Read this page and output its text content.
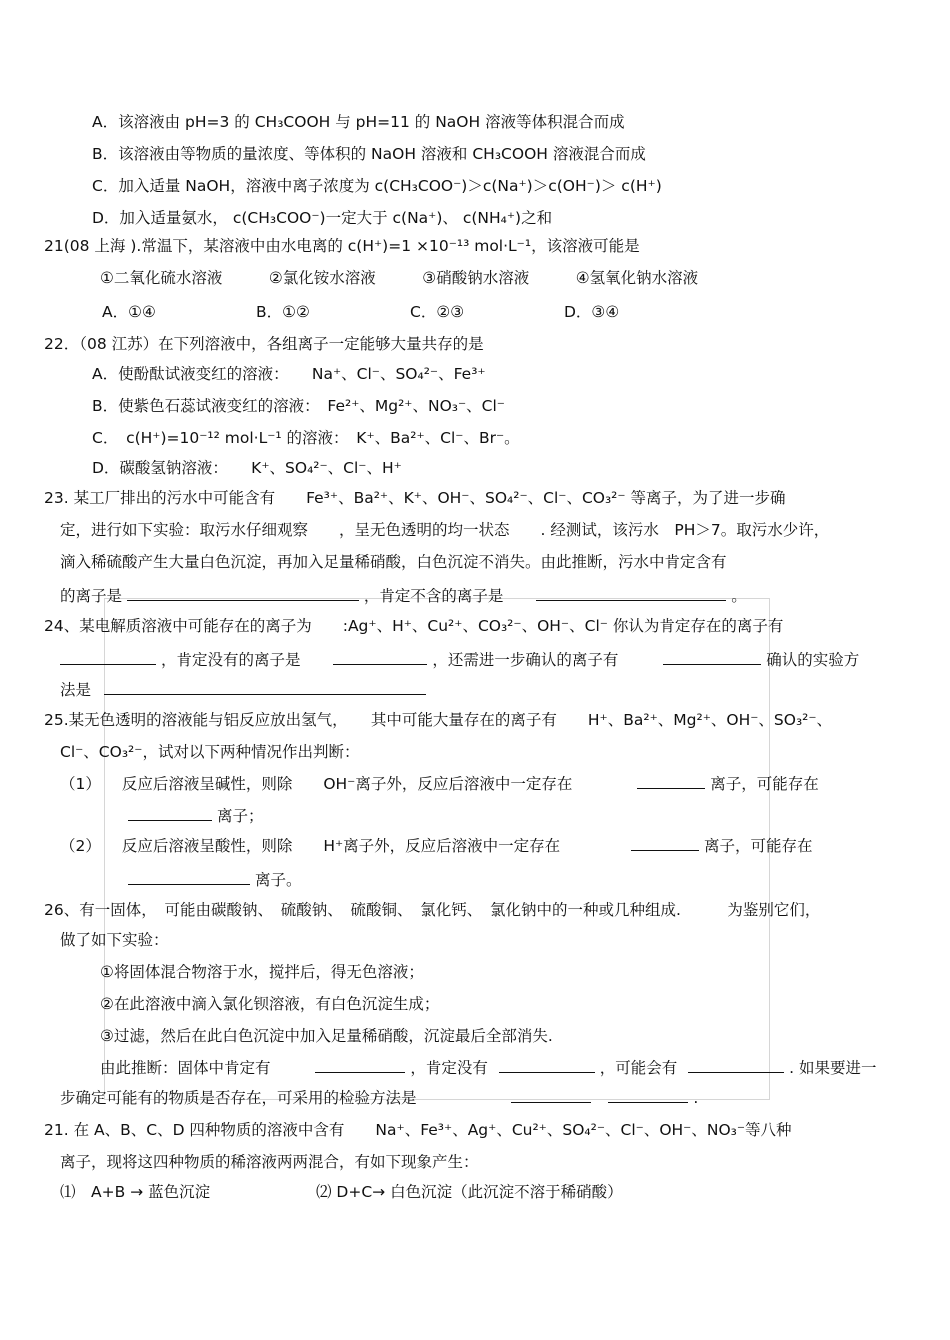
A．该溶液由 pH=3 的 CH₃COOH 与 pH=11 的 NaOH 溶液等体积混合而成
B．该溶液由等物质的量浓度、等体积的 NaOH 溶液和 CH₃COOH 溶液混合而成
C．加入适量 NaOH，溶液中离子浓度为 c(CH₃COO⁻)＞c(Na⁺)＞c(OH⁻)＞ c(H⁺)
D．加入适量氨水， c(CH₃COO⁻)一定大于 c(Na⁺)、 c(NH₄⁺)之和
21(08 上海 ).常温下，某溶液中由水电离的 c(H⁺)=1 ×10⁻¹³ mol·L⁻¹，该溶液可能是
①二氧化硫水溶液　　　②氯化铵水溶液　　　③硝酸钠水溶液　　　④氢氧化钠水溶液
A．①④	B．①②	C．②③	D．③④
22．（08 江苏）在下列溶液中，各组离子一定能够大量共存的是
A．使酚酞试液变红的溶液：　　Na⁺、Cl⁻、SO₄²⁻、Fe³⁺
B．使紫色石蕊试液变红的溶液：　Fe²⁺、Mg²⁺、NO₃⁻、Cl⁻
C．　c(H⁺)=10⁻¹² mol·L⁻¹ 的溶液：　K⁺、Ba²⁺、Cl⁻、Br⁻。
D．碳酸氢钠溶液：　　K⁺、SO₄²⁻、Cl⁻、H⁺
23. 某工厂排出的污水中可能含有　　Fe³⁺、Ba²⁺、K⁺、OH⁻、SO₄²⁻、Cl⁻、CO₃²⁻ 等离子，为了进一步确
定，进行如下实验：取污水仔细观察　　，呈无色透明的均一状态　　. 经测试，该污水　PH＞7。取污水少许，
滴入稀硫酸产生大量白色沉淀，再加入足量稀硝酸，白色沉淀不消失。由此推断，污水中肯定含有
的离子是	，肯定不含的离子是	。
24、某电解质溶液中可能存在的离子为　　:Ag⁺、H⁺、Cu²⁺、CO₃²⁻、OH⁻、Cl⁻ 你认为肯定存在的离子有
，肯定没有的离子是	，还需进一步确认的离子有	确认的实验方
法是
25.某无色透明的溶液能与铝反应放出氢气，　　其中可能大量存在的离子有　　H⁺、Ba²⁺、Mg²⁺、OH⁻、SO₃²⁻、
Cl⁻、CO₃²⁻，试对以下两种情况作出判断：
（1） 反应后溶液呈碱性，则除　　OH⁻离子外，反应后溶液中一定存在	离子，可能存在
离子；
（2） 反应后溶液呈酸性，则除　　H⁺离子外，反应后溶液中一定存在	离子，可能存在
离子。
26、有一固体，　可能由碳酸钠、　硫酸钠、　硫酸铜、　氯化钙、　氯化钠中的一种或几种组成.　　　为鉴别它们，
做了如下实验：
①将固体混合物溶于水，搅拌后，得无色溶液；
②在此溶液中滴入氯化钡溶液，有白色沉淀生成；
③过滤，然后在此白色沉淀中加入足量稀硝酸，沉淀最后全部消失.
由此推断：固体中肯定有	，肯定没有	，可能会有	. 如果要进一
步确定可能有的物质是否存在，可采用的检验方法是	.
21. 在 A、B、C、D 四种物质的溶液中含有　　Na⁺、Fe³⁺、Ag⁺、Cu²⁺、SO₄²⁻、Cl⁻、OH⁻、NO₃⁻等八种
离子，现将这四种物质的稀溶液两两混合，有如下现象产生：
⑴　A+B → 蓝色沉淀	⑵ D+C→ 白色沉淀（此沉淀不溶于稀硝酸）
